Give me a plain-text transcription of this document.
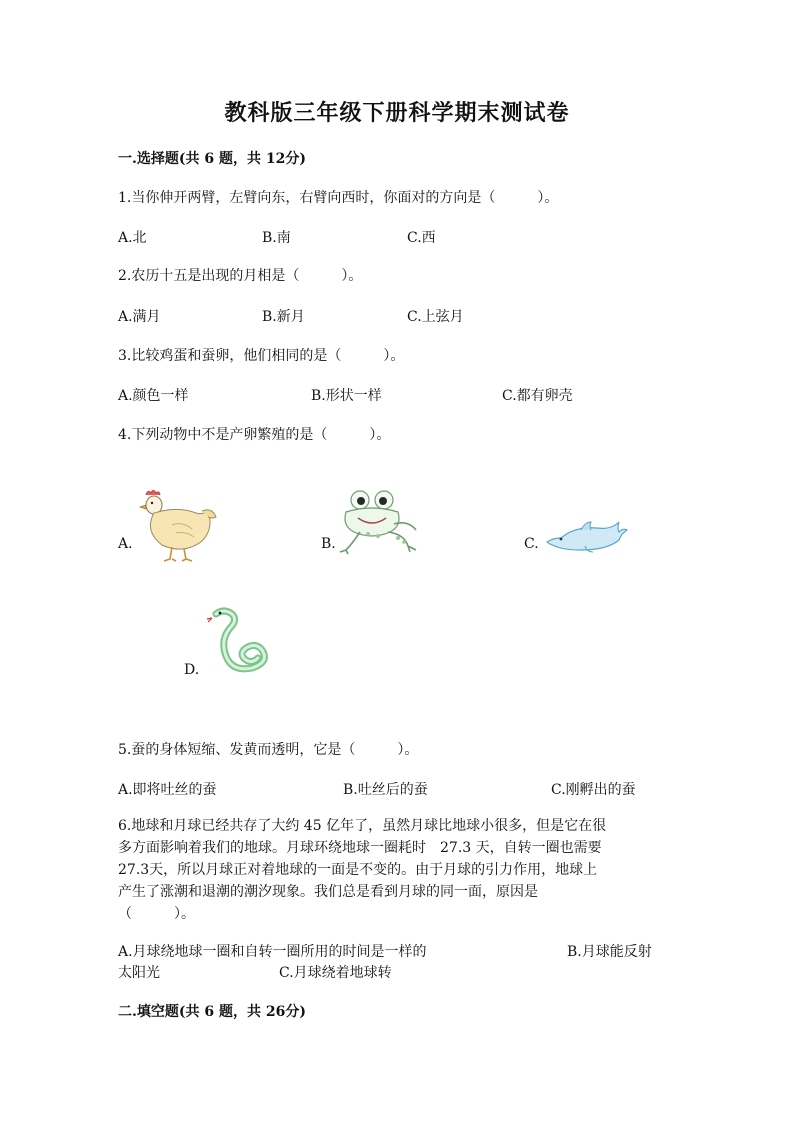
教科版三年级下册科学期末测试卷
一.选择题(共 6 题，共 12分)
1.当你伸开两臂，左臂向东，右臂向西时，你面对的方向是（　　　）。
A.北	B.南	C.西
2.农历十五是出现的月相是（　　　）。
A.满月	B.新月	C.上弦月
3.比较鸡蛋和蚕卵，他们相同的是（　　　）。
A.颜色一样	B.形状一样	C.都有卵壳
4.下列动物中不是产卵繁殖的是（　　　）。
A.	B.	C.
D.
5.蚕的身体短缩、发黄而透明，它是（　　　）。
A.即将吐丝的蚕	B.吐丝后的蚕	C.刚孵出的蚕
6.地球和月球已经共存了大约 45 亿年了，虽然月球比地球小很多，但是它在很
多方面影响着我们的地球。月球环绕地球一圈耗时　27.3 天，自转一圈也需要
27.3天，所以月球正对着地球的一面是不变的。由于月球的引力作用，地球上
产生了涨潮和退潮的潮汐现象。我们总是看到月球的同一面，原因是
（　　　）。
A.月球绕地球一圈和自转一圈所用的时间是一样的	B.月球能反射
太阳光	C.月球绕着地球转
二.填空题(共 6 题，共 26分)
